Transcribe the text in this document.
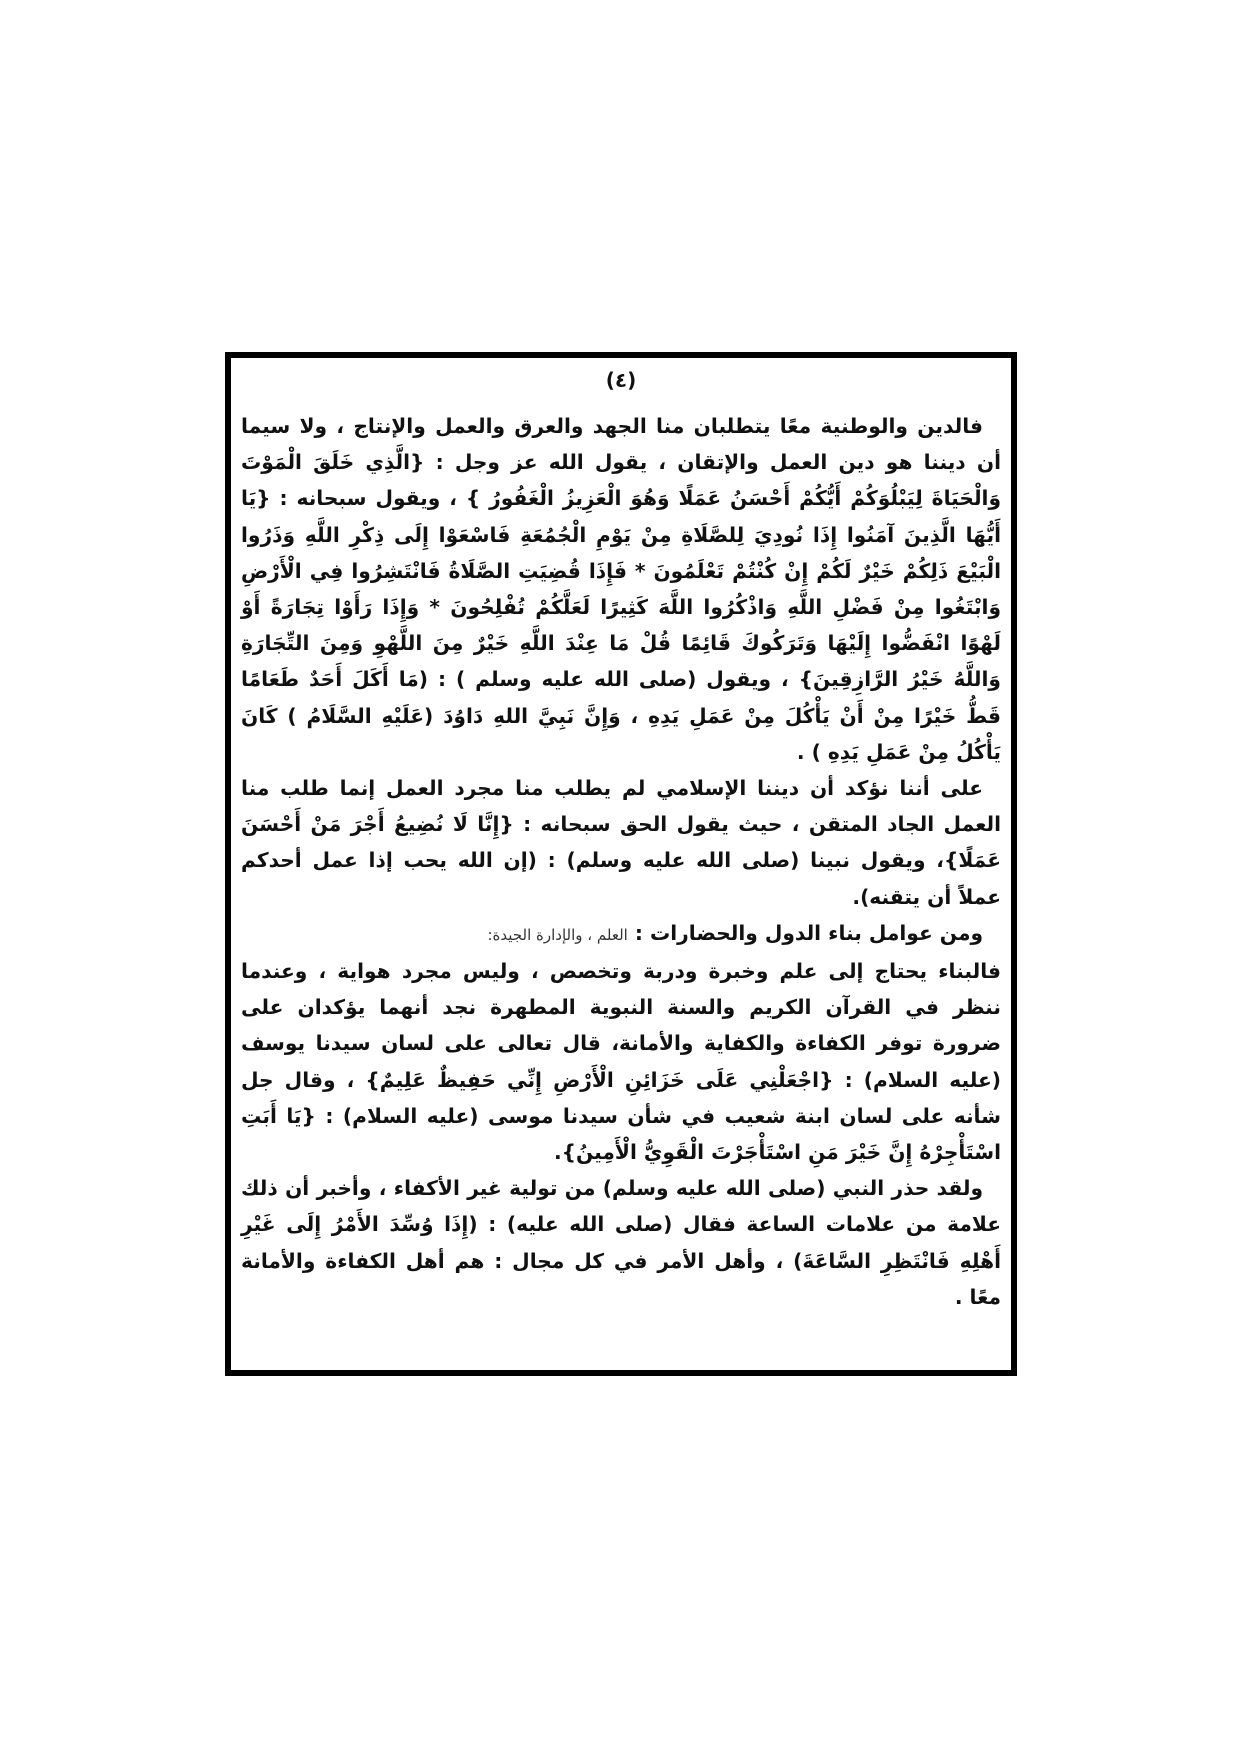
(٤)

فالدين والوطنية معًا يتطلبان منا الجهد والعرق والعمل والإنتاج ، ولا سيما أن ديننا هو دين العمل والإتقان ، يقول الله عز وجل : {الَّذِي خَلَقَ الْمَوْتَ وَالْحَيَاةَ لِيَبْلُوَكُمْ أَيُّكُمْ أَحْسَنُ عَمَلًا وَهُوَ الْعَزِيزُ الْغَفُورُ } ، ويقول سبحانه : {يَا أَيُّهَا الَّذِينَ آمَنُوا إِذَا نُودِيَ لِلصَّلَاةِ مِنْ يَوْمِ الْجُمُعَةِ فَاسْعَوْا إِلَى ذِكْرِ اللَّهِ وَذَرُوا الْبَيْعَ ذَلِكُمْ خَيْرٌ لَكُمْ إِنْ كُنْتُمْ تَعْلَمُونَ * فَإِذَا قُضِيَتِ الصَّلَاةُ فَانْتَشِرُوا فِي الْأَرْضِ وَابْتَغُوا مِنْ فَضْلِ اللَّهِ وَاذْكُرُوا اللَّهَ كَثِيرًا لَعَلَّكُمْ تُفْلِحُونَ * وَإِذَا رَأَوْا تِجَارَةً أَوْ لَهْوًا انْفَضُّوا إِلَيْهَا وَتَرَكُوكَ قَائِمًا قُلْ مَا عِنْدَ اللَّهِ خَيْرٌ مِنَ اللَّهْوِ وَمِنَ التِّجَارَةِ وَاللَّهُ خَيْرُ الرَّازِقِينَ} ، ويقول (صلى الله عليه وسلم ) : (مَا أَكَلَ أَحَدٌ طَعَامًا قَطُّ خَيْرًا مِنْ أَنْ يَأْكُلَ مِنْ عَمَلِ يَدِهِ ، وَإِنَّ نَبِيَّ اللهِ دَاوُدَ (عَلَيْهِ السَّلَامُ ) كَانَ يَأْكُلُ مِنْ عَمَلِ يَدِهِ ) .

على أننا نؤكد أن ديننا الإسلامي لم يطلب منا مجرد العمل إنما طلب منا العمل الجاد المتقن ، حيث يقول الحق سبحانه : {إِنَّا لَا نُضِيعُ أَجْرَ مَنْ أَحْسَنَ عَمَلًا}، ويقول نبينا (صلى الله عليه وسلم) : (إن الله يحب إذا عمل أحدكم عملاً أن يتقنه).

ومن عوامل بناء الدول والحضارات : العلم ، والإدارة الجيدة:

فالبناء يحتاج إلى علم وخبرة ودربة وتخصص ، وليس مجرد هواية ، وعندما ننظر في القرآن الكريم والسنة النبوية المطهرة نجد أنهما يؤكدان على ضرورة توفر الكفاءة والكفاية والأمانة، قال تعالى على لسان سيدنا يوسف (عليه السلام) : {اجْعَلْنِي عَلَى خَزَائِنِ الْأَرْضِ إِنِّي حَفِيظٌ عَلِيمٌ} ، وقال جل شأنه على لسان ابنة شعيب في شأن سيدنا موسى (عليه السلام) : {يَا أَبَتِ اسْتَأْجِرْهُ إِنَّ خَيْرَ مَنِ اسْتَأْجَرْتَ الْقَوِيُّ الْأَمِينُ}.

ولقد حذر النبي (صلى الله عليه وسلم) من تولية غير الأكفاء ، وأخبر أن ذلك علامة من علامات الساعة فقال (صلى الله عليه) : (إِذَا وُسِّدَ الأَمْرُ إِلَى غَيْرِ أَهْلِهِ فَانْتَظِرِ السَّاعَةَ) ، وأهل الأمر في كل مجال : هم أهل الكفاءة والأمانة معًا .
